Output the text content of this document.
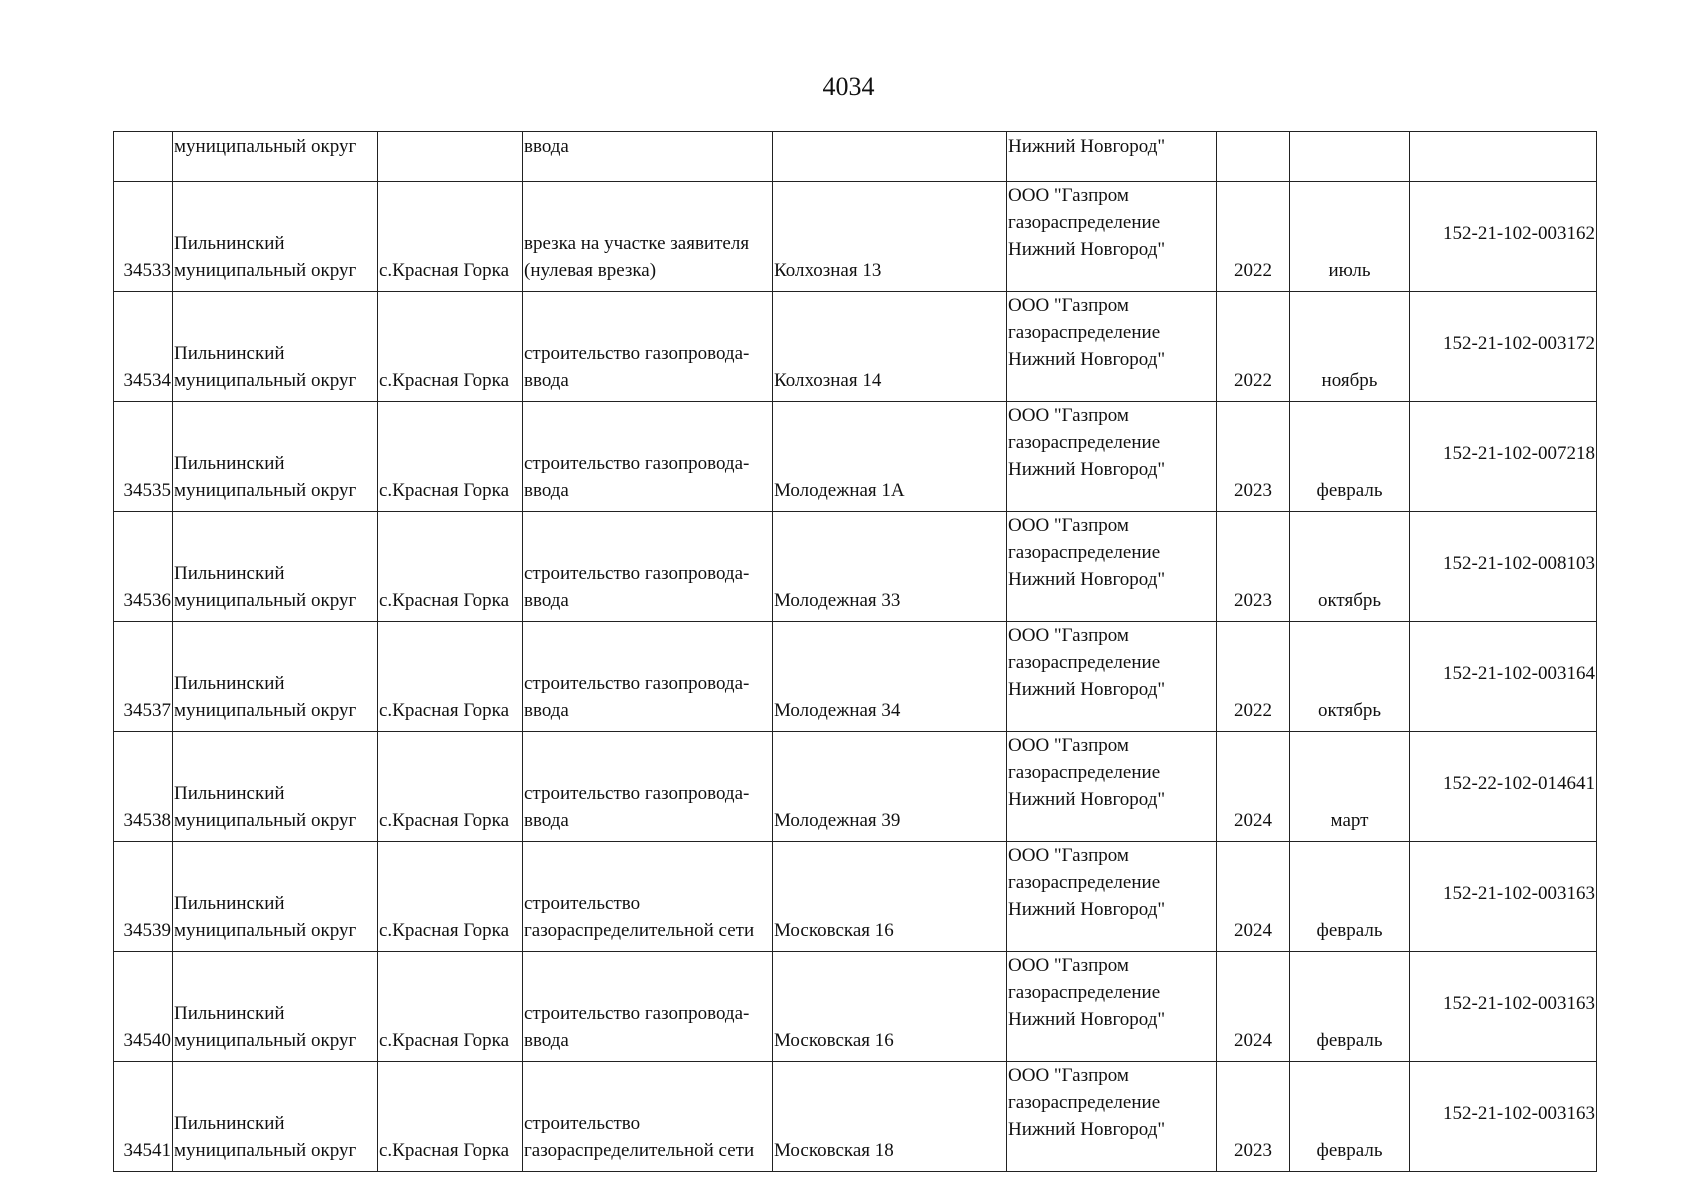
4034
	муниципальный округ		ввода		Нижний Новгород"			
34533	Пильнинский
муниципальный округ	с.Красная Горка	врезка на участке заявителя
(нулевая врезка)	Колхозная 13	ООО "Газпром
газораспределение
Нижний Новгород"	2022	июль	152-21-102-003162
34534	Пильнинский
муниципальный округ	с.Красная Горка	строительство газопровода-
ввода	Колхозная 14	ООО "Газпром
газораспределение
Нижний Новгород"	2022	ноябрь	152-21-102-003172
34535	Пильнинский
муниципальный округ	с.Красная Горка	строительство газопровода-
ввода	Молодежная 1А	ООО "Газпром
газораспределение
Нижний Новгород"	2023	февраль	152-21-102-007218
34536	Пильнинский
муниципальный округ	с.Красная Горка	строительство газопровода-
ввода	Молодежная 33	ООО "Газпром
газораспределение
Нижний Новгород"	2023	октябрь	152-21-102-008103
34537	Пильнинский
муниципальный округ	с.Красная Горка	строительство газопровода-
ввода	Молодежная 34	ООО "Газпром
газораспределение
Нижний Новгород"	2022	октябрь	152-21-102-003164
34538	Пильнинский
муниципальный округ	с.Красная Горка	строительство газопровода-
ввода	Молодежная 39	ООО "Газпром
газораспределение
Нижний Новгород"	2024	март	152-22-102-014641
34539	Пильнинский
муниципальный округ	с.Красная Горка	строительство
газораспределительной сети	Московская 16	ООО "Газпром
газораспределение
Нижний Новгород"	2024	февраль	152-21-102-003163
34540	Пильнинский
муниципальный округ	с.Красная Горка	строительство газопровода-
ввода	Московская 16	ООО "Газпром
газораспределение
Нижний Новгород"	2024	февраль	152-21-102-003163
34541	Пильнинский
муниципальный округ	с.Красная Горка	строительство
газораспределительной сети	Московская 18	ООО "Газпром
газораспределение
Нижний Новгород"	2023	февраль	152-21-102-003163
